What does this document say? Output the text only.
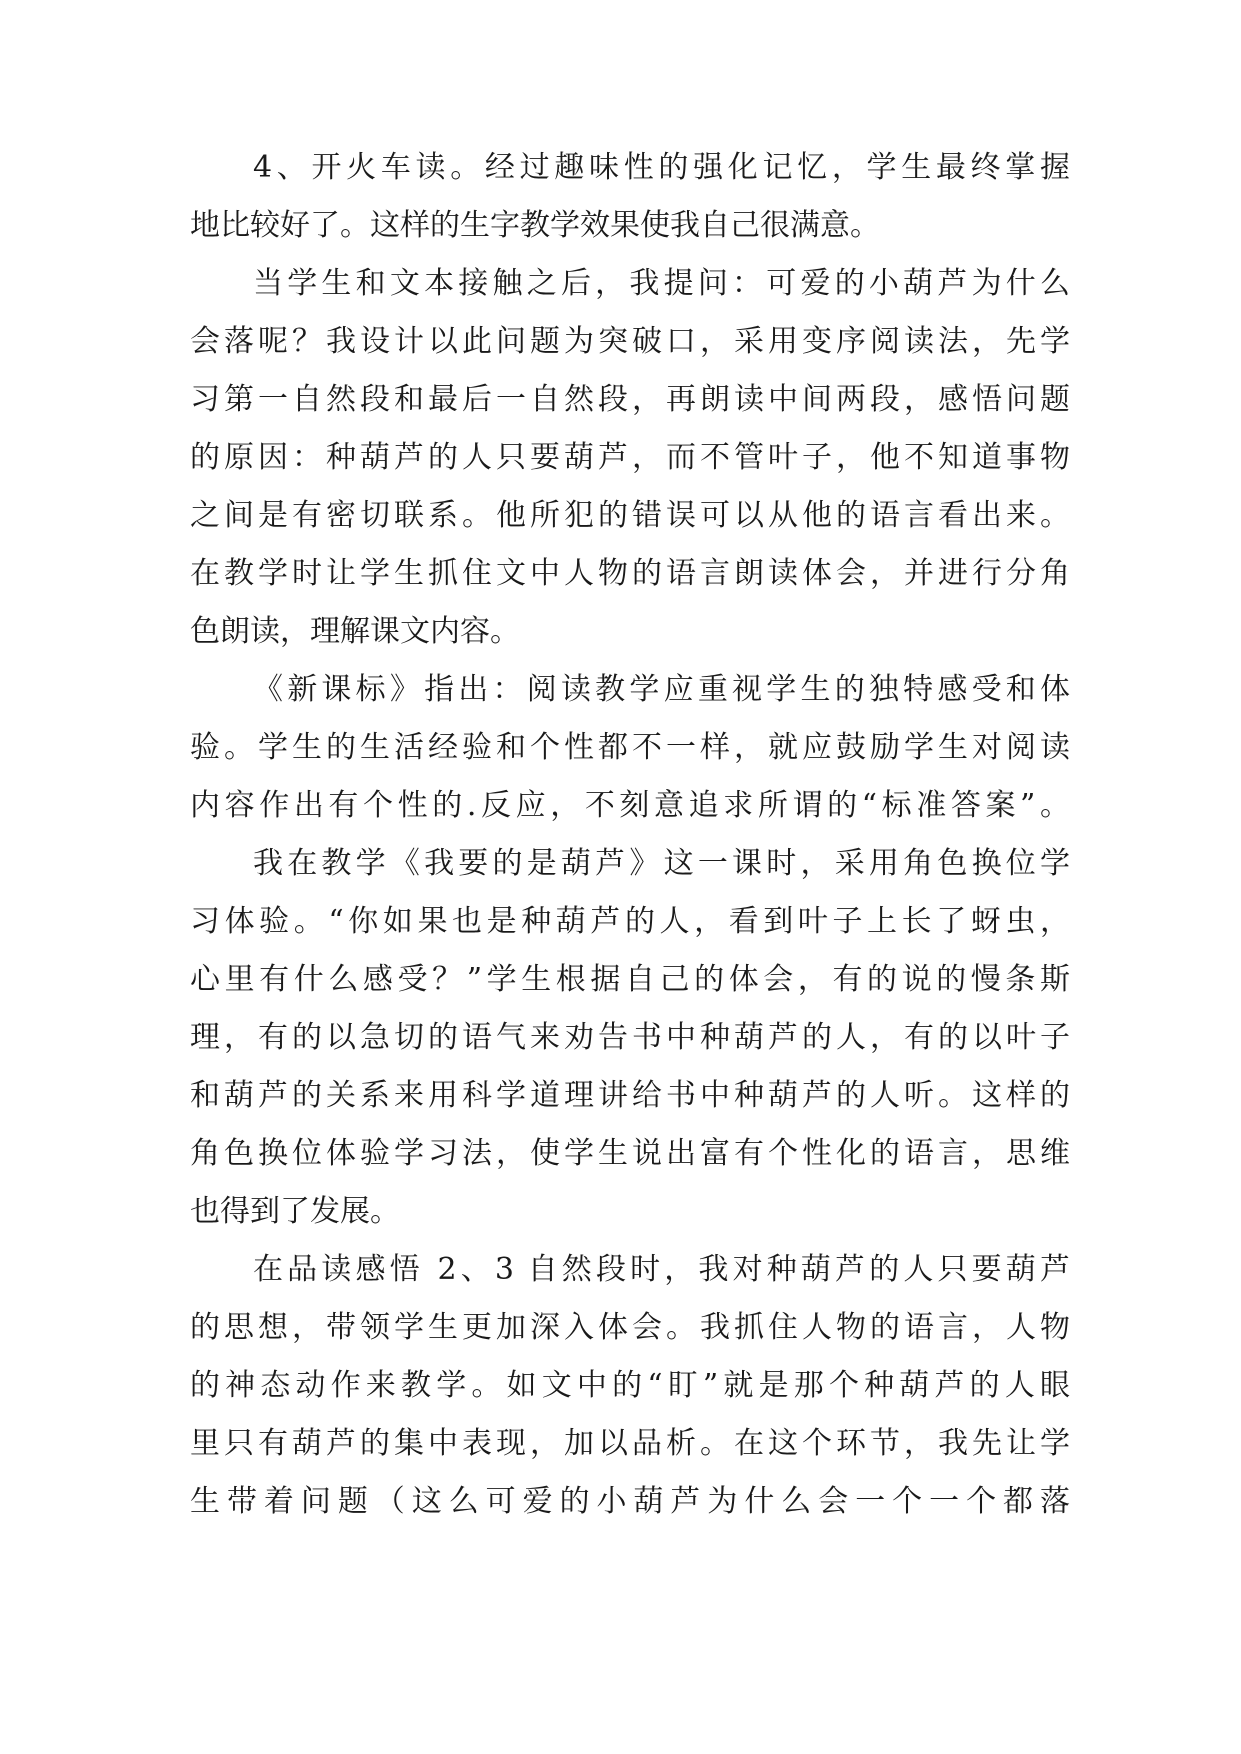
4、开火车读。经过趣味性的强化记忆，学生最终掌握
地比较好了。这样的生字教学效果使我自己很满意。
当学生和文本接触之后，我提问：可爱的小葫芦为什么
会落呢？我设计以此问题为突破口，采用变序阅读法，先学
习第一自然段和最后一自然段，再朗读中间两段，感悟问题
的原因：种葫芦的人只要葫芦，而不管叶子，他不知道事物
之间是有密切联系。他所犯的错误可以从他的语言看出来。
在教学时让学生抓住文中人物的语言朗读体会，并进行分角
色朗读，理解课文内容。
《新课标》指出：阅读教学应重视学生的独特感受和体
验。学生的生活经验和个性都不一样，就应鼓励学生对阅读
内容作出有个性的.反应，不刻意追求所谓的“标准答案”。
我在教学《我要的是葫芦》这一课时，采用角色换位学
习体验。“你如果也是种葫芦的人，看到叶子上长了蚜虫，
心里有什么感受？”学生根据自己的体会，有的说的慢条斯
理，有的以急切的语气来劝告书中种葫芦的人，有的以叶子
和葫芦的关系来用科学道理讲给书中种葫芦的人听。这样的
角色换位体验学习法，使学生说出富有个性化的语言，思维
也得到了发展。
在品读感悟 2、3 自然段时，我对种葫芦的人只要葫芦
的思想，带领学生更加深入体会。我抓住人物的语言，人物
的神态动作来教学。如文中的“盯”就是那个种葫芦的人眼
里只有葫芦的集中表现，加以品析。在这个环节，我先让学
生带着问题（这么可爱的小葫芦为什么会一个一个都落
